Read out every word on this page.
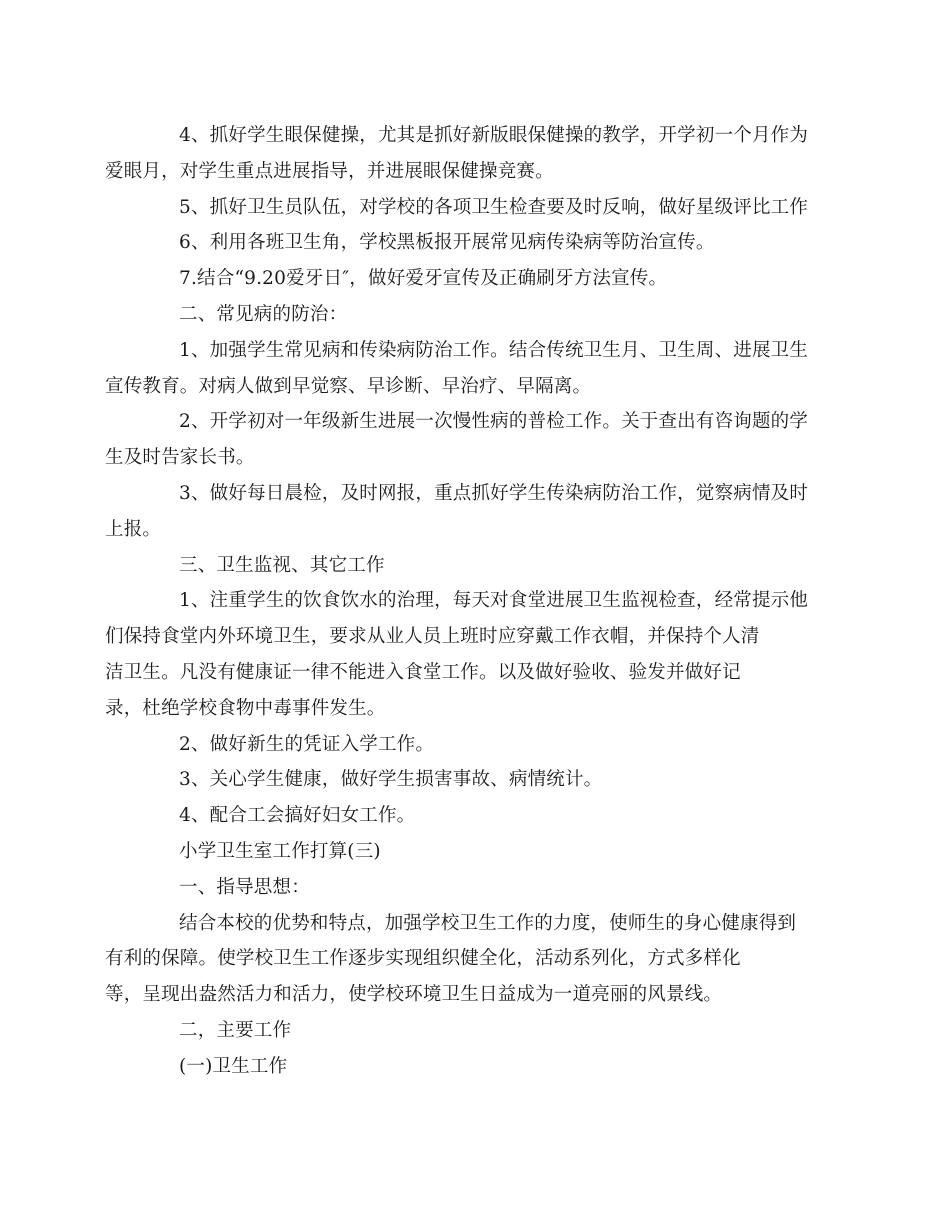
4、抓好学生眼保健操，尤其是抓好新版眼保健操的教学，开学初一个月作为
爱眼月，对学生重点进展指导，并进展眼保健操竞赛。

5、抓好卫生员队伍，对学校的各项卫生检查要及时反响，做好星级评比工作

6、利用各班卫生角，学校黑板报开展常见病传染病等防治宣传。

7.结合“9.20爱牙日″，做好爱牙宣传及正确刷牙方法宣传。

二、常见病的防治：

1、加强学生常见病和传染病防治工作。结合传统卫生月、卫生周、进展卫生
宣传教育。对病人做到早觉察、早诊断、早治疗、早隔离。

2、开学初对一年级新生进展一次慢性病的普检工作。关于查出有咨询题的学
生及时告家长书。

3、做好每日晨检，及时网报，重点抓好学生传染病防治工作，觉察病情及时
上报。

三、卫生监视、其它工作

1、注重学生的饮食饮水的治理，每天对食堂进展卫生监视检查，经常提示他
们保持食堂内外环境卫生，要求从业人员上班时应穿戴工作衣帽，并保持个人清
洁卫生。凡没有健康证一律不能进入食堂工作。以及做好验收、验发并做好记
录，杜绝学校食物中毒事件发生。

2、做好新生的凭证入学工作。

3、关心学生健康，做好学生损害事故、病情统计。

4、配合工会搞好妇女工作。

小学卫生室工作打算(三)

一、指导思想：

结合本校的优势和特点，加强学校卫生工作的力度，使师生的身心健康得到
有利的保障。使学校卫生工作逐步实现组织健全化，活动系列化，方式多样化
等，呈现出盎然活力和活力，使学校环境卫生日益成为一道亮丽的风景线。

二，主要工作

(一)卫生工作
